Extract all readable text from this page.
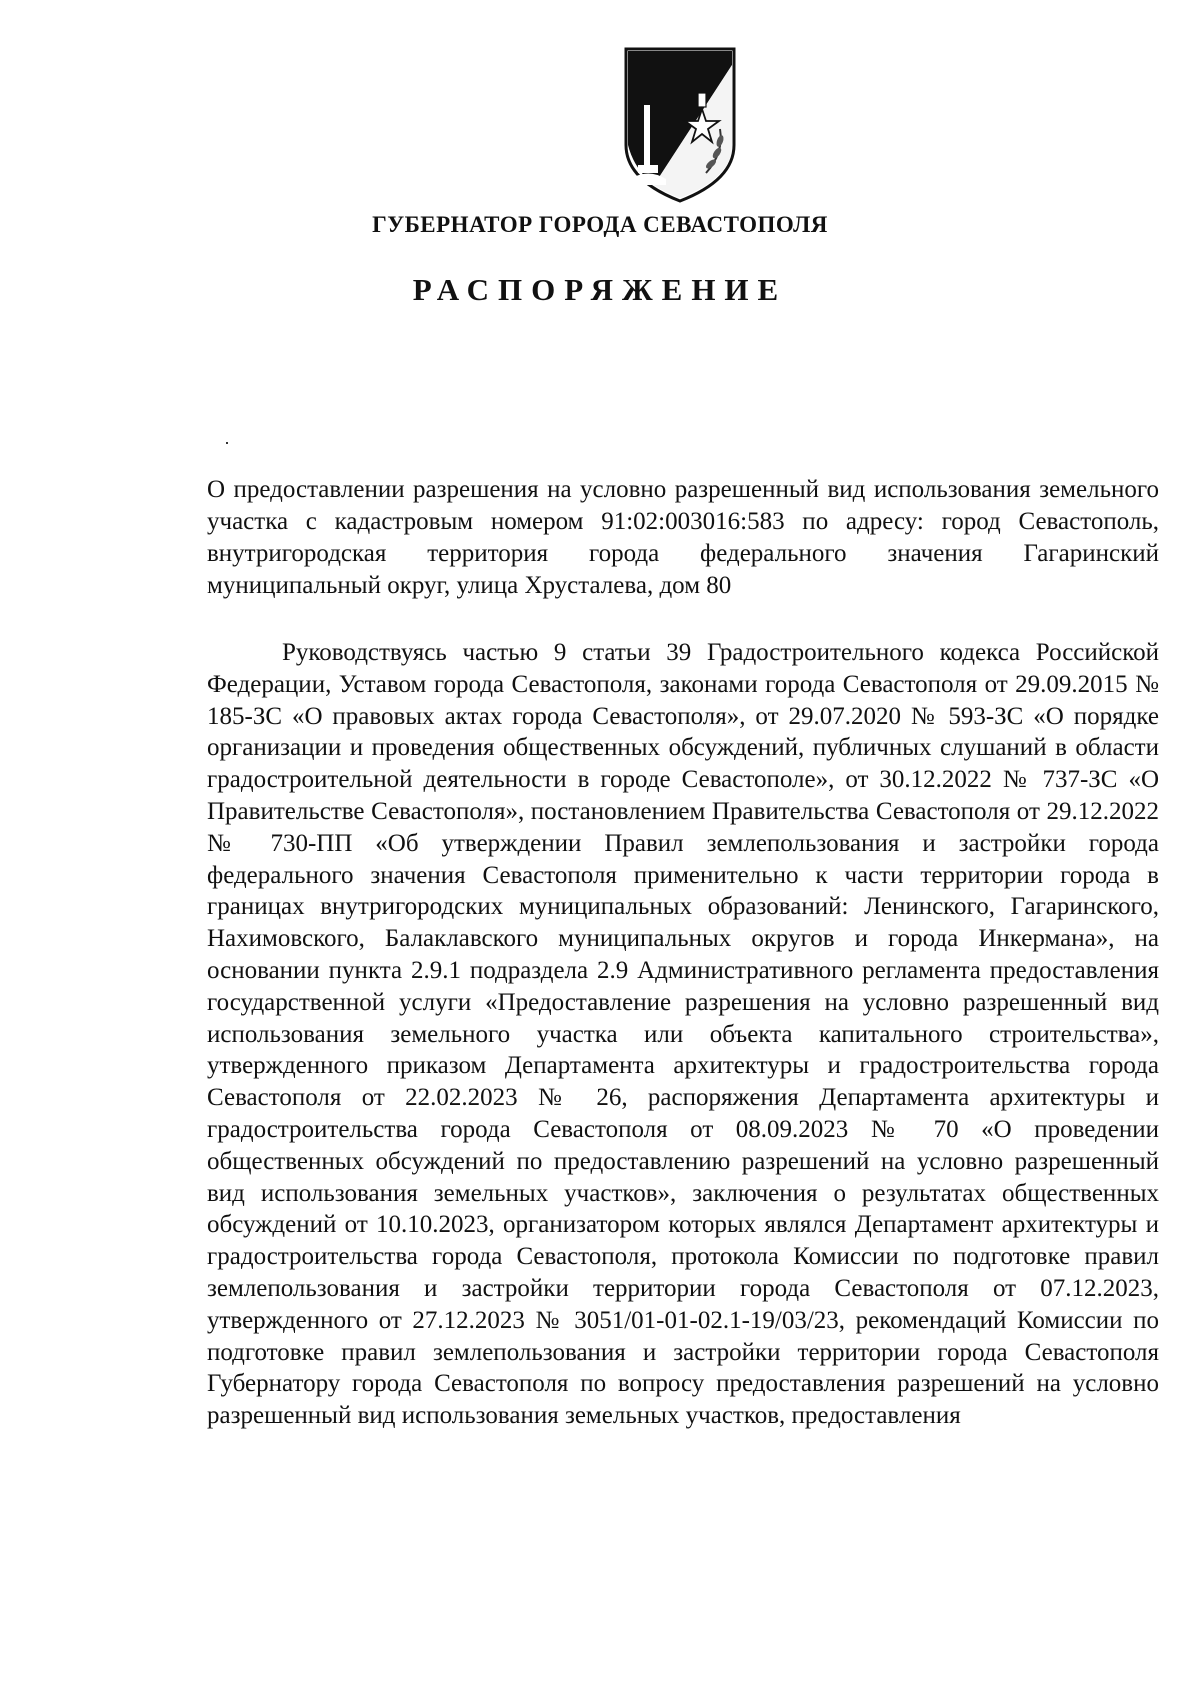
ГУБЕРНАТОР ГОРОДА СЕВАСТОПОЛЯ
РАСПОРЯЖЕНИЕ
О предоставлении разрешения на условно разрешенный вид использования земельного участка с кадастровым номером 91:02:003016:583 по адресу: город Севастополь, внутригородская территория города федерального значения Гагаринский муниципальный округ, улица Хрусталева, дом 80

Руководствуясь частью 9 статьи 39 Градостроительного кодекса Российской Федерации, Уставом города Севастополя, законами города Севастополя от 29.09.2015 № 185-ЗС «О правовых актах города Севастополя», от 29.07.2020 № 593-ЗС «О порядке организации и проведения общественных обсуждений, публичных слушаний в области градостроительной деятельности в городе Севастополе», от 30.12.2022 № 737-ЗС «О Правительстве Севастополя», постановлением Правительства Севастополя от 29.12.2022 № 730-ПП «Об утверждении Правил землепользования и застройки города федерального значения Севастополя применительно к части территории города в границах внутригородских муниципальных образований: Ленинского, Гагаринского, Нахимовского, Балаклавского муниципальных округов и города Инкермана», на основании пункта 2.9.1 подраздела 2.9 Административного регламента предоставления государственной услуги «Предоставление разрешения на условно разрешенный вид использования земельного участка или объекта капитального строительства», утвержденного приказом Департамента архитектуры и градостроительства города Севастополя от 22.02.2023 № 26, распоряжения Департамента архитектуры и градостроительства города Севастополя от 08.09.2023 № 70 «О проведении общественных обсуждений по предоставлению разрешений на условно разрешенный вид использования земельных участков», заключения о результатах общественных обсуждений от 10.10.2023, организатором которых являлся Департамент архитектуры и градостроительства города Севастополя, протокола Комиссии по подготовке правил землепользования и застройки территории города Севастополя от 07.12.2023, утвержденного от 27.12.2023 № 3051/01-01-02.1-19/03/23, рекомендаций Комиссии по подготовке правил землепользования и застройки территории города Севастополя Губернатору города Севастополя по вопросу предоставления разрешений на условно разрешенный вид использования земельных участков, предоставления
